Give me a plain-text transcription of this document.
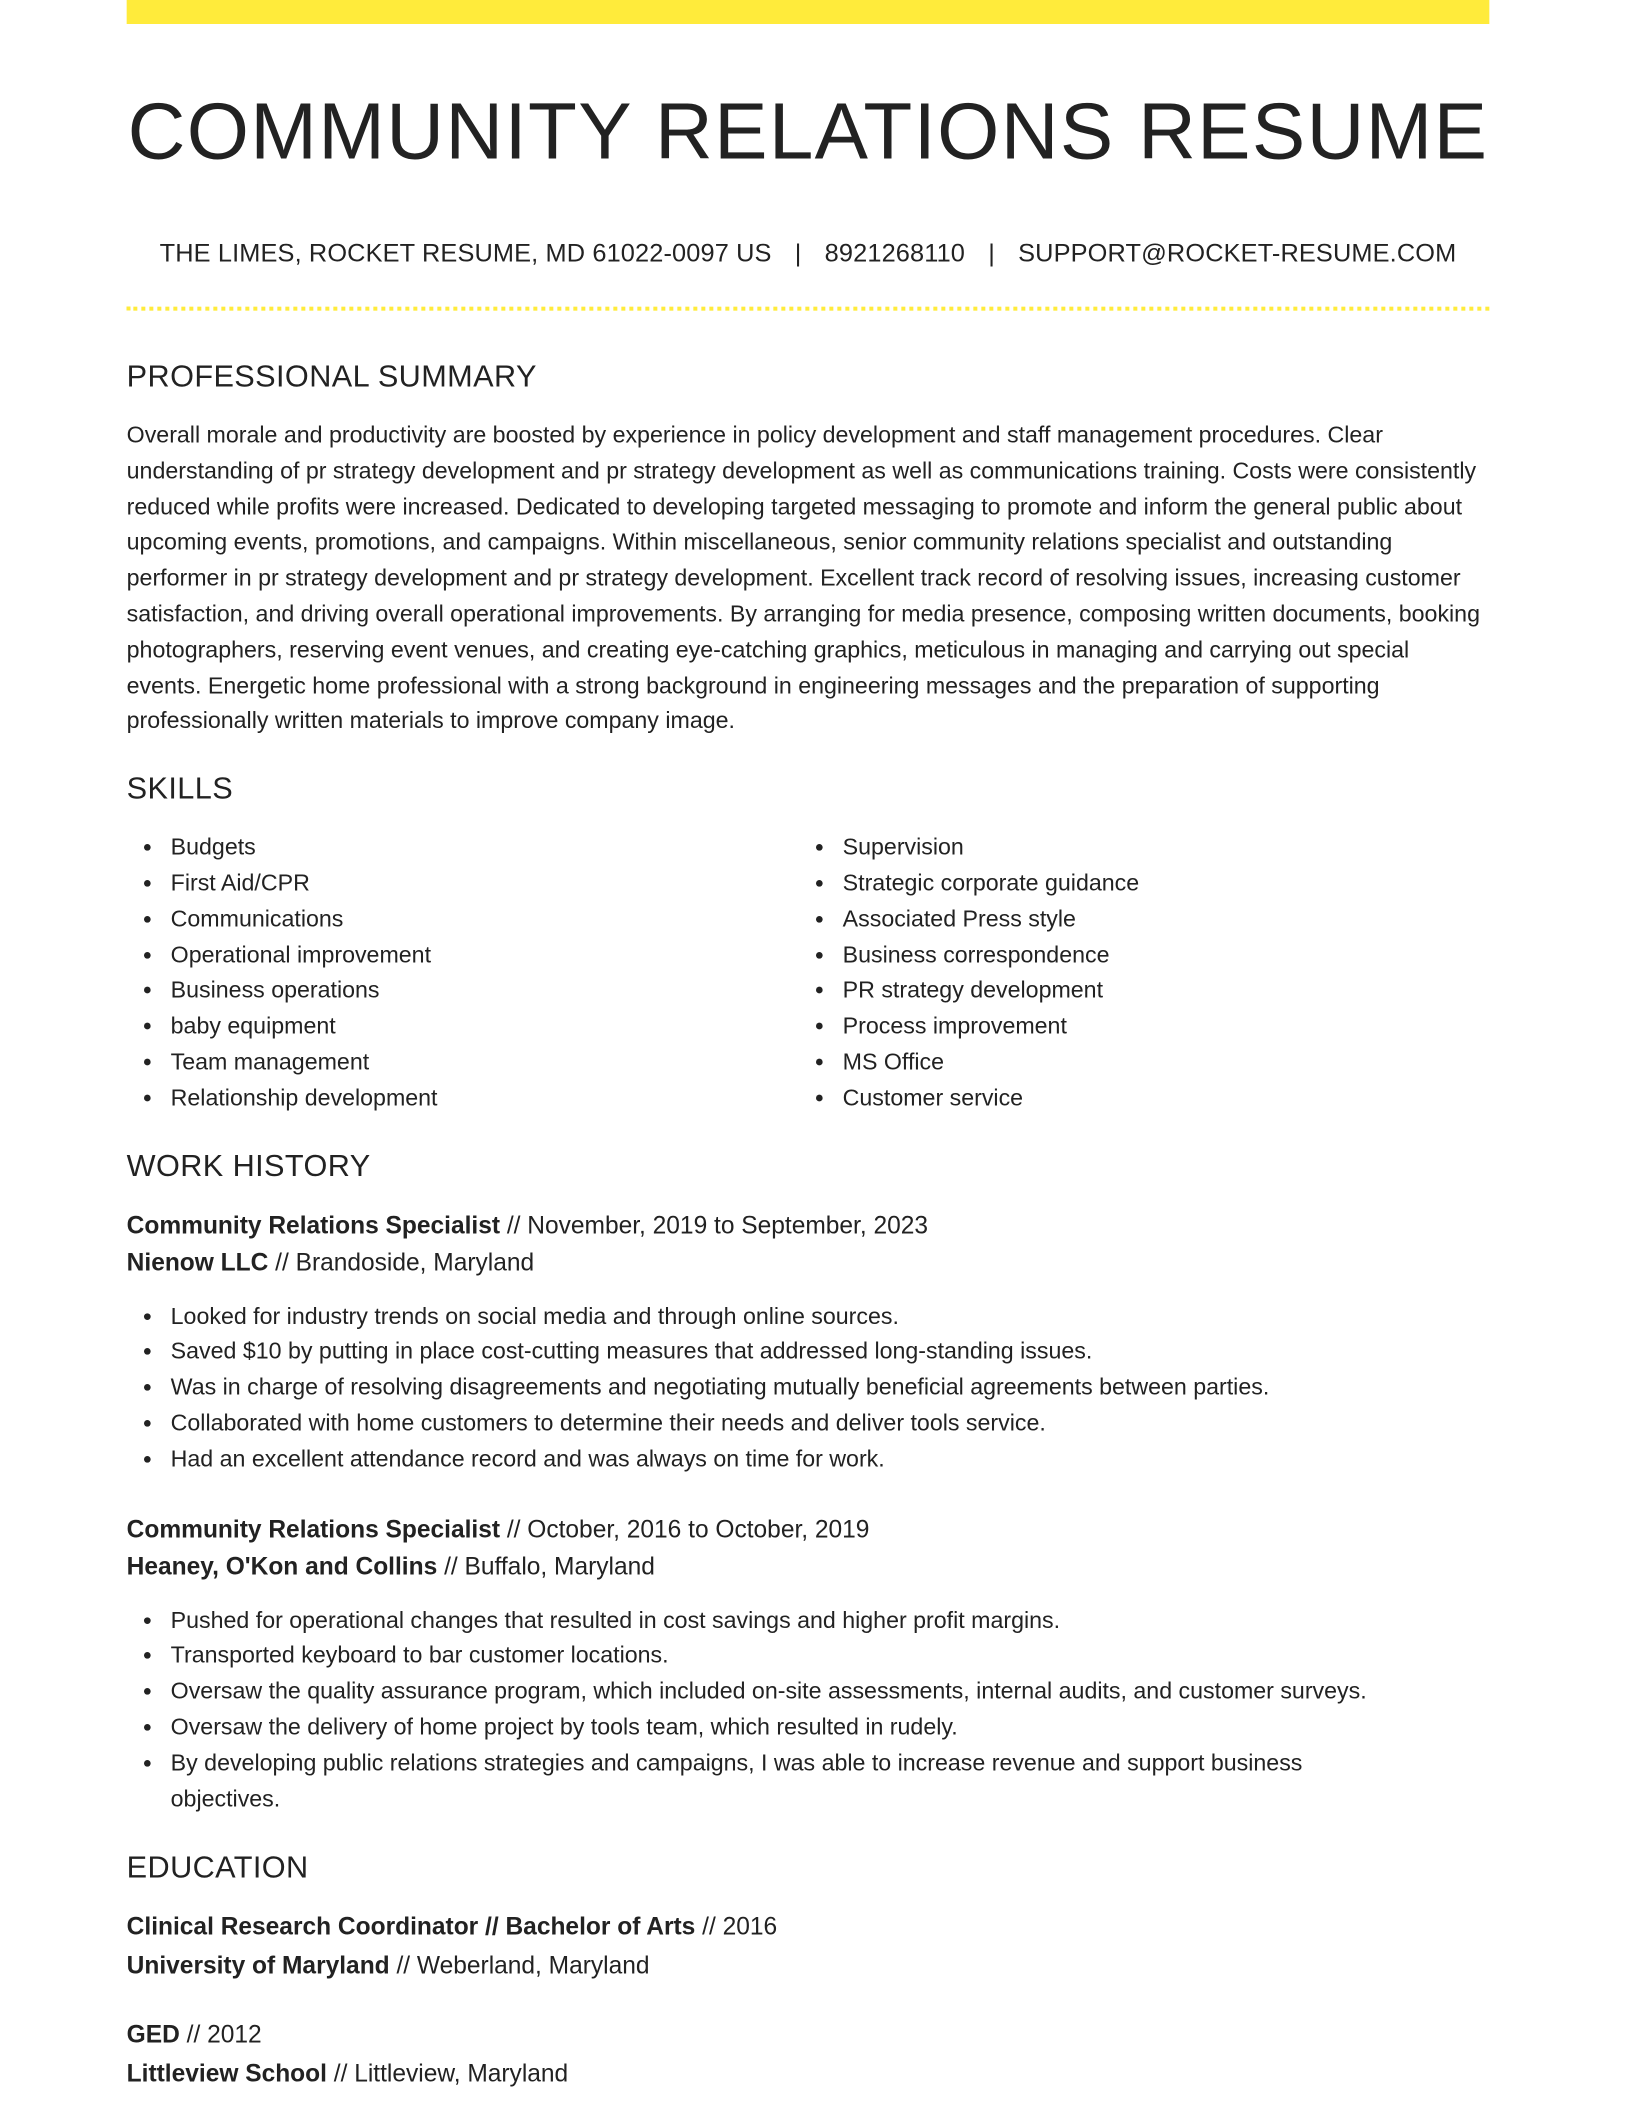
COMMUNITY RELATIONS RESUME
THE LIMES, ROCKET RESUME, MD 61022-0097 US | 8921268110 | SUPPORT@ROCKET-RESUME.COM
PROFESSIONAL SUMMARY

Overall morale and productivity are boosted by experience in policy development and staff management procedures. Clear understanding of pr strategy development and pr strategy development as well as communications training. Costs were consistently reduced while profits were increased. Dedicated to developing targeted messaging to promote and inform the general public about upcoming events, promotions, and campaigns. Within miscellaneous, senior community relations specialist and outstanding performer in pr strategy development and pr strategy development. Excellent track record of resolving issues, increasing customer satisfaction, and driving overall operational improvements. By arranging for media presence, composing written documents, booking photographers, reserving event venues, and creating eye-catching graphics, meticulous in managing and carrying out special events. Energetic home professional with a strong background in engineering messages and the preparation of supporting professionally written materials to improve company image.

SKILLS
Budgets
First Aid/CPR
Communications
Operational improvement
Business operations
baby equipment
Team management
Relationship development
Supervision
Strategic corporate guidance
Associated Press style
Business correspondence
PR strategy development
Process improvement
MS Office
Customer service
WORK HISTORY
Community Relations Specialist // November, 2019 to September, 2023
Nienow LLC // Brandoside, Maryland
Looked for industry trends on social media and through online sources.
Saved $10 by putting in place cost-cutting measures that addressed long-standing issues.
Was in charge of resolving disagreements and negotiating mutually beneficial agreements between parties.
Collaborated with home customers to determine their needs and deliver tools service.
Had an excellent attendance record and was always on time for work.
Community Relations Specialist // October, 2016 to October, 2019
Heaney, O'Kon and Collins // Buffalo, Maryland
Pushed for operational changes that resulted in cost savings and higher profit margins.
Transported keyboard to bar customer locations.
Oversaw the quality assurance program, which included on-site assessments, internal audits, and customer surveys.
Oversaw the delivery of home project by tools team, which resulted in rudely.
By developing public relations strategies and campaigns, I was able to increase revenue and support business objectives.
EDUCATION
Clinical Research Coordinator // Bachelor of Arts // 2016
University of Maryland // Weberland, Maryland
GED // 2012
Littleview School // Littleview, Maryland
